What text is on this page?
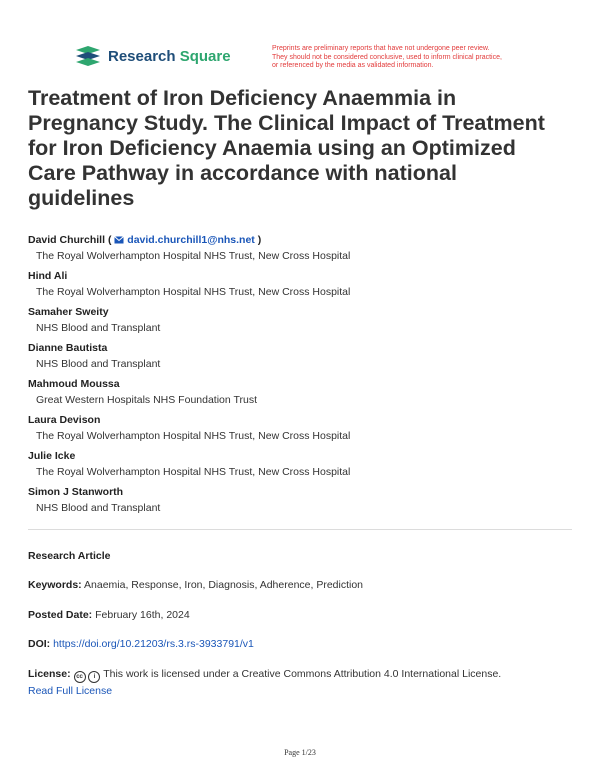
Research Square	Preprints are preliminary reports that have not undergone peer review.
They should not be considered conclusive, used to inform clinical practice,
or referenced by the media as validated information.
Treatment of Iron Deficiency Anaemmia in Pregnancy Study. The Clinical Impact of Treatment for Iron Deficiency Anaemia using an Optimized Care Pathway in accordance with national guidelines
David Churchill ( david.churchill1@nhs.net )
The Royal Wolverhampton Hospital NHS Trust, New Cross Hospital
Hind Ali
The Royal Wolverhampton Hospital NHS Trust, New Cross Hospital
Samaher Sweity
NHS Blood and Transplant
Dianne Bautista
NHS Blood and Transplant
Mahmoud Moussa
Great Western Hospitals NHS Foundation Trust
Laura Devison
The Royal Wolverhampton Hospital NHS Trust, New Cross Hospital
Julie Icke
The Royal Wolverhampton Hospital NHS Trust, New Cross Hospital
Simon J Stanworth
NHS Blood and Transplant
Research Article
Keywords: Anaemia, Response, Iron, Diagnosis, Adherence, Prediction
Posted Date: February 16th, 2024
DOI: https://doi.org/10.21203/rs.3.rs-3933791/v1
License: cc i This work is licensed under a Creative Commons Attribution 4.0 International License.
Read Full License
Page 1/23
